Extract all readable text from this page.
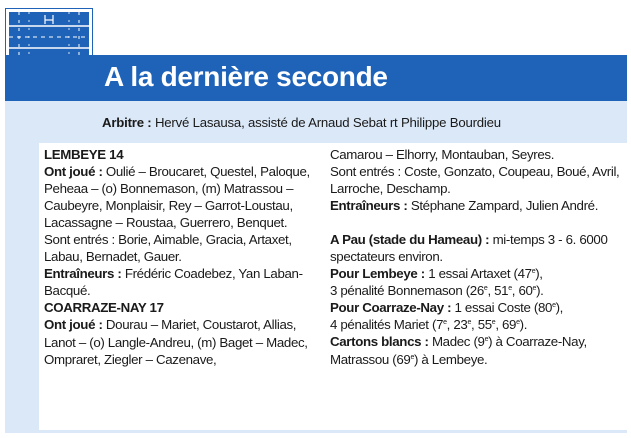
A la dernière seconde
Arbitre : Hervé Lasausa, assisté de Arnaud Sebat rt Philippe Bourdieu

LEMBEYE 14

Ont joué : Oulié – Broucaret, Questel, Paloque, Peheaa – (o) Bonnemason, (m) Matrassou – Caubeyre, Monplaisir, Rey – Garrot-Loustau, Lacassagne – Roustaa, Guerrero, Benquet.

Sont entrés : Borie, Aimable, Gracia, Artaxet, Labau, Bernadet, Gauer.

Entraîneurs : Frédéric Coadebez, Yan Laban-Bacqué.

COARRAZE-NAY 17

Ont joué : Dourau – Mariet, Coustarot, Allias, Lanot – (o) Langle-Andreu, (m) Baget – Madec, Ompraret, Ziegler – Cazenave,

Camarou – Elhorry, Montauban, Seyres.

Sont entrés : Coste, Gonzato, Coupeau, Boué, Avril, Larroche, Deschamp.

Entraîneurs : Stéphane Zampard, Julien André.

A Pau (stade du Hameau) : mi-temps 3 - 6. 6000 spectateurs environ.

Pour Lembeye : 1 essai Artaxet (47e),
3 pénalité Bonnemason (26e, 51e, 60e).

Pour Coarraze-Nay : 1 essai Coste (80e),
4 pénalités Mariet (7e, 23e, 55e, 69e).

Cartons blancs : Madec (9e) à Coarraze-Nay, Matrassou (69e) à Lembeye.
